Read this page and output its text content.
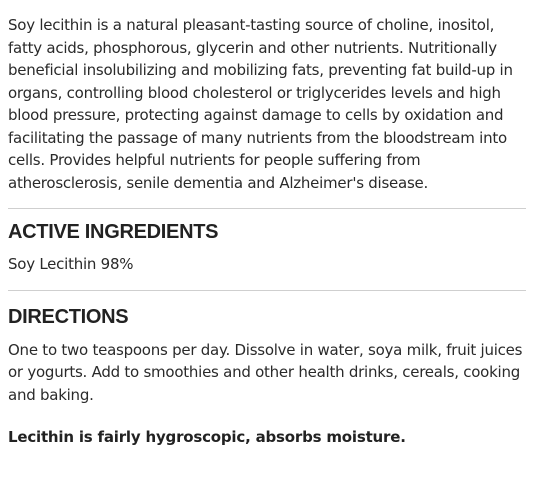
Soy lecithin is a natural pleasant-tasting source of choline, inositol, fatty acids, phosphorous, glycerin and other nutrients. Nutritionally beneficial insolubilizing and mobilizing fats, preventing fat build-up in organs, controlling blood cholesterol or triglycerides levels and high blood pressure, protecting against damage to cells by oxidation and facilitating the passage of many nutrients from the bloodstream into cells. Provides helpful nutrients for people suffering from atherosclerosis, senile dementia and Alzheimer's disease.

ACTIVE INGREDIENTS

Soy Lecithin 98%

DIRECTIONS

One to two teaspoons per day. Dissolve in water, soya milk, fruit juices or yogurts. Add to smoothies and other health drinks, cereals, cooking and baking.

Lecithin is fairly hygroscopic, absorbs moisture.
